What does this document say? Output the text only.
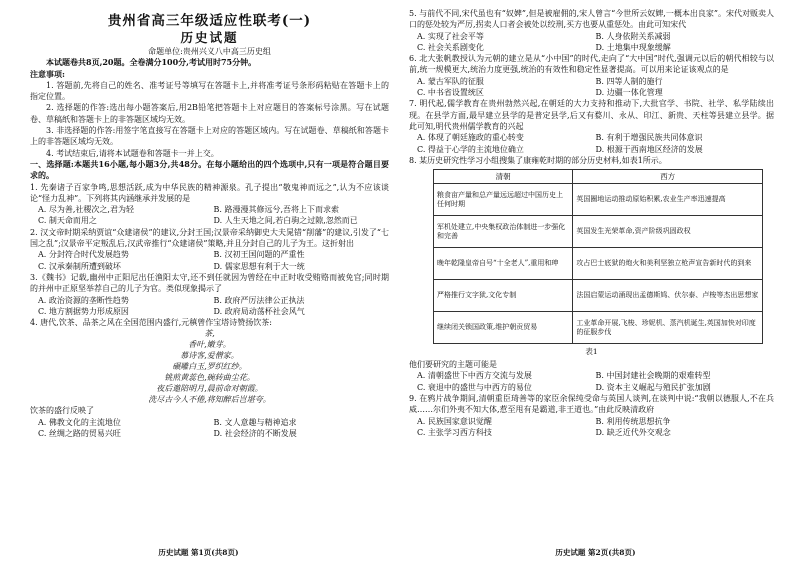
贵州省高三年级适应性联考(一)
历史试题
命题单位:贵州兴义八中高三历史组
本试题卷共8页,20题。全卷满分100分,考试用时75分钟。
注意事项:
1. 答题前,先将自己的姓名、准考证号等填写在答题卡上,并将准考证号条形码粘贴在答题卡上的指定位置。
2. 选择题的作答:选出每小题答案后,用2B铅笔把答题卡上对应题目的答案标号涂黑。写在试题卷、草稿纸和答题卡上的非答题区域均无效。
3. 非选择题的作答:用签字笔直接写在答题卡上对应的答题区域内。写在试题卷、草稿纸和答题卡上的非答题区域均无效。
4. 考试结束后,请将本试题卷和答题卡一并上交。
一、选择题:本题共16小题,每小题3分,共48分。在每小题给出的四个选项中,只有一项是符合题目要求的。
1. 先秦诸子百家争鸣,思想活跃,成为中华民族的精神源泉。孔子提出“敬鬼神而远之”,认为不应该谈论“怪力乱神”。下列将其内涵继承并发展的是
A. 尽为善,社稷次之,君为轻	B. 路漫漫其修远兮,吾将上下而求索
C. 制天命而用之	D. 人生天地之间,若白驹之过隙,忽然而已
2. 汉文帝时期采纳贾谊“众建诸侯”的建议,分封王国;汉景帝采纳御史大夫晁错“削藩”的建议,引发了“七国之乱”;汉景帝平定叛乱后,汉武帝推行“众建诸侯”策略,并且分封自己的儿子为王。这折射出
A. 分封符合时代发展趋势	B. 汉初王国问题的严重性
C. 汉承秦制所遭到破坏	D. 儒家思想有利于大一统
3.《魏书》记载,幽州中正阳尼出任渔阳太守,还不到任就因为曾经在中正时收受贿赂而被免官;同时期的并州中正原坚举荐自己的儿子为官。类似现象揭示了
A. 政治资源的垄断性趋势	B. 政府严厉法律公正执法
C. 地方割据势力形成原因	D. 政府局动荡杯社会风气
4. 唐代,饮茶、品茶之风在全国范围内盛行,元稹曾作宝塔诗赞扬饮茶:
茶,
香叶,嫩芽。
慕诗客,爱僧家。
碾雕白玉,罗织红纱。
铫煎黄蕊色,碗转曲尘花。
夜后邀陪明月,晨前命对朝霞。
洗尽古今人不倦,将知醉后岂堪夸。
饮茶的盛行反映了
A. 佛教文化的主流地位	B. 文人意趣与精神追求
C. 丝绸之路的贸易兴旺	D. 社会经济的不断发展
历史试题 第1页(共8页)
5. 与前代不同,宋代虽也有“奴婢”,但是被雇佣的,宋人曾言“今世所云奴婢,一概本出良家”。宋代对贩卖人口的惩处较为严厉,拐卖人口者会被处以绞刑,买方也要从重惩处。由此可知宋代
A. 实现了社会平等	B. 人身依附关系减弱
C. 社会关系剧变化	D. 土地集中现象缓解
6. 北大张帆教授认为元朝的建立是从“小中国”的时代,走向了“大中国”时代,强调元以后的朝代相较与以前,统一规模更大,统治力度更强,统治的有效性和稳定性显著提高。可以用来论证该观点的是
A. 蒙古军队的征服	B. 四等人制的施行
C. 中书省设置统区	D. 边疆一体化管理
7. 明代起,儒学教育在贵州勃然兴起,在朝廷的大力支持和推动下,大批官学、书院、社学、私学陆续出现。在县学方面,最早建立县学的是普定县学,后又有婺川、永从、印江、新贵、天柱等县建立县学。据此可知,明代贵州儒学教育的兴起
A. 体现了朝廷施政的重心转变	B. 有利于增强民族共同体意识
C. 得益于心学的主流地位确立	D. 根源于西南地区经济的发展
8. 某历史研究性学习小组搜集了康雍乾时期的部分历史材料,如表1所示。
清朝	西方
粮食亩产量和总产量远远超过中国历史上任何时期	英国圈地运动推动原始积累,农业生产率迅速提高
军机处建立,中央集权政治体制进一步强化和完善	英国发生光荣革命,资产阶级巩固政权
晚年乾隆皇帝自号“十全老人”,重用和珅	攻占巴士底狱的炮火和美利坚独立枪声宣告新时代的到来
严格推行文字狱,文化专制	法国启蒙运动涌现出孟德斯鸠、伏尔泰、卢梭等杰出思想家
继续闭关锁国政策,维护朝贡贸易	工业革命开展,飞梭、珍妮机、蒸汽机诞生,英国加快对印度的征服步伐
表1
他们要研究的主题可能是
A. 清朝盛世下中西方交流与发展	B. 中国封建社会晚期的艰难转型
C. 衰退中的盛世与中西方的易位	D. 资本主义崛起与殖民扩张加剧
9. 在鸦片战争期间,清朝重臣琦善等的家臣余保纯受命与英国人谈判,在谈判中说:“我朝以德服人,不在兵威……尔们外夷不知大体,惹至甩有是霸道,非王道也。”由此反映清政府
A. 民族国家意识觉醒	B. 利用传统思想抗争
C. 主张学习西方科技	D. 缺乏近代外交观念
历史试题 第2页(共8页)
